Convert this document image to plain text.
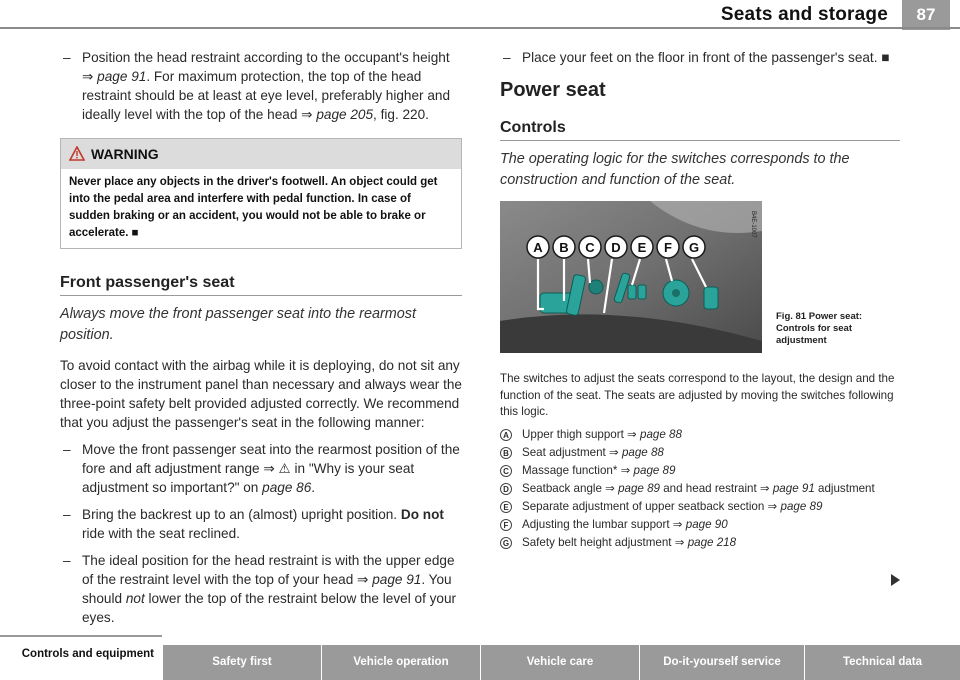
Seats and storage	87
– Position the head restraint according to the occupant's height ⇒ page 91. For maximum protection, the top of the head restraint should be at least at eye level, preferably higher and ideally level with the top of the head ⇒ page 205, fig. 220.
WARNING
Never place any objects in the driver's footwell. An object could get into the pedal area and interfere with pedal function. In case of sudden braking or an accident, you would not be able to brake or accelerate. ■
Front passenger's seat
Always move the front passenger seat into the rearmost position.

To avoid contact with the airbag while it is deploying, do not sit any closer to the instrument panel than necessary and always wear the three-point safety belt provided adjusted correctly. We recommend that you adjust the passenger's seat in the following manner:

– Move the front passenger seat into the rearmost position of the fore and aft adjustment range ⇒ ⚠ in "Why is your seat adjustment so important?" on page 86.
– Bring the backrest up to an (almost) upright position. Do not ride with the seat reclined.
– The ideal position for the head restraint is with the upper edge of the restraint level with the top of your head ⇒ page 91. You should not lower the top of the restraint below the level of your eyes.
– Place your feet on the floor in front of the passenger's seat. ■
Power seat
Controls
The operating logic for the switches corresponds to the construction and function of the seat.
A B C D E F G
B4E-1007
Fig. 81 Power seat: Controls for seat adjustment

The switches to adjust the seats correspond to the layout, the design and the function of the seat. The seats are adjusted by moving the switches following this logic.

A Upper thigh support ⇒ page 88
B Seat adjustment ⇒ page 88
C Massage function* ⇒ page 89
D Seatback angle ⇒ page 89 and head restraint ⇒ page 91 adjustment
E Separate adjustment of upper seatback section ⇒ page 89
F	Adjusting the lumbar support ⇒ page 90
G Safety belt height adjustment ⇒ page 218
Controls and equipment
Safety first	Vehicle operation	Vehicle care	Do-it-yourself service	Technical data
